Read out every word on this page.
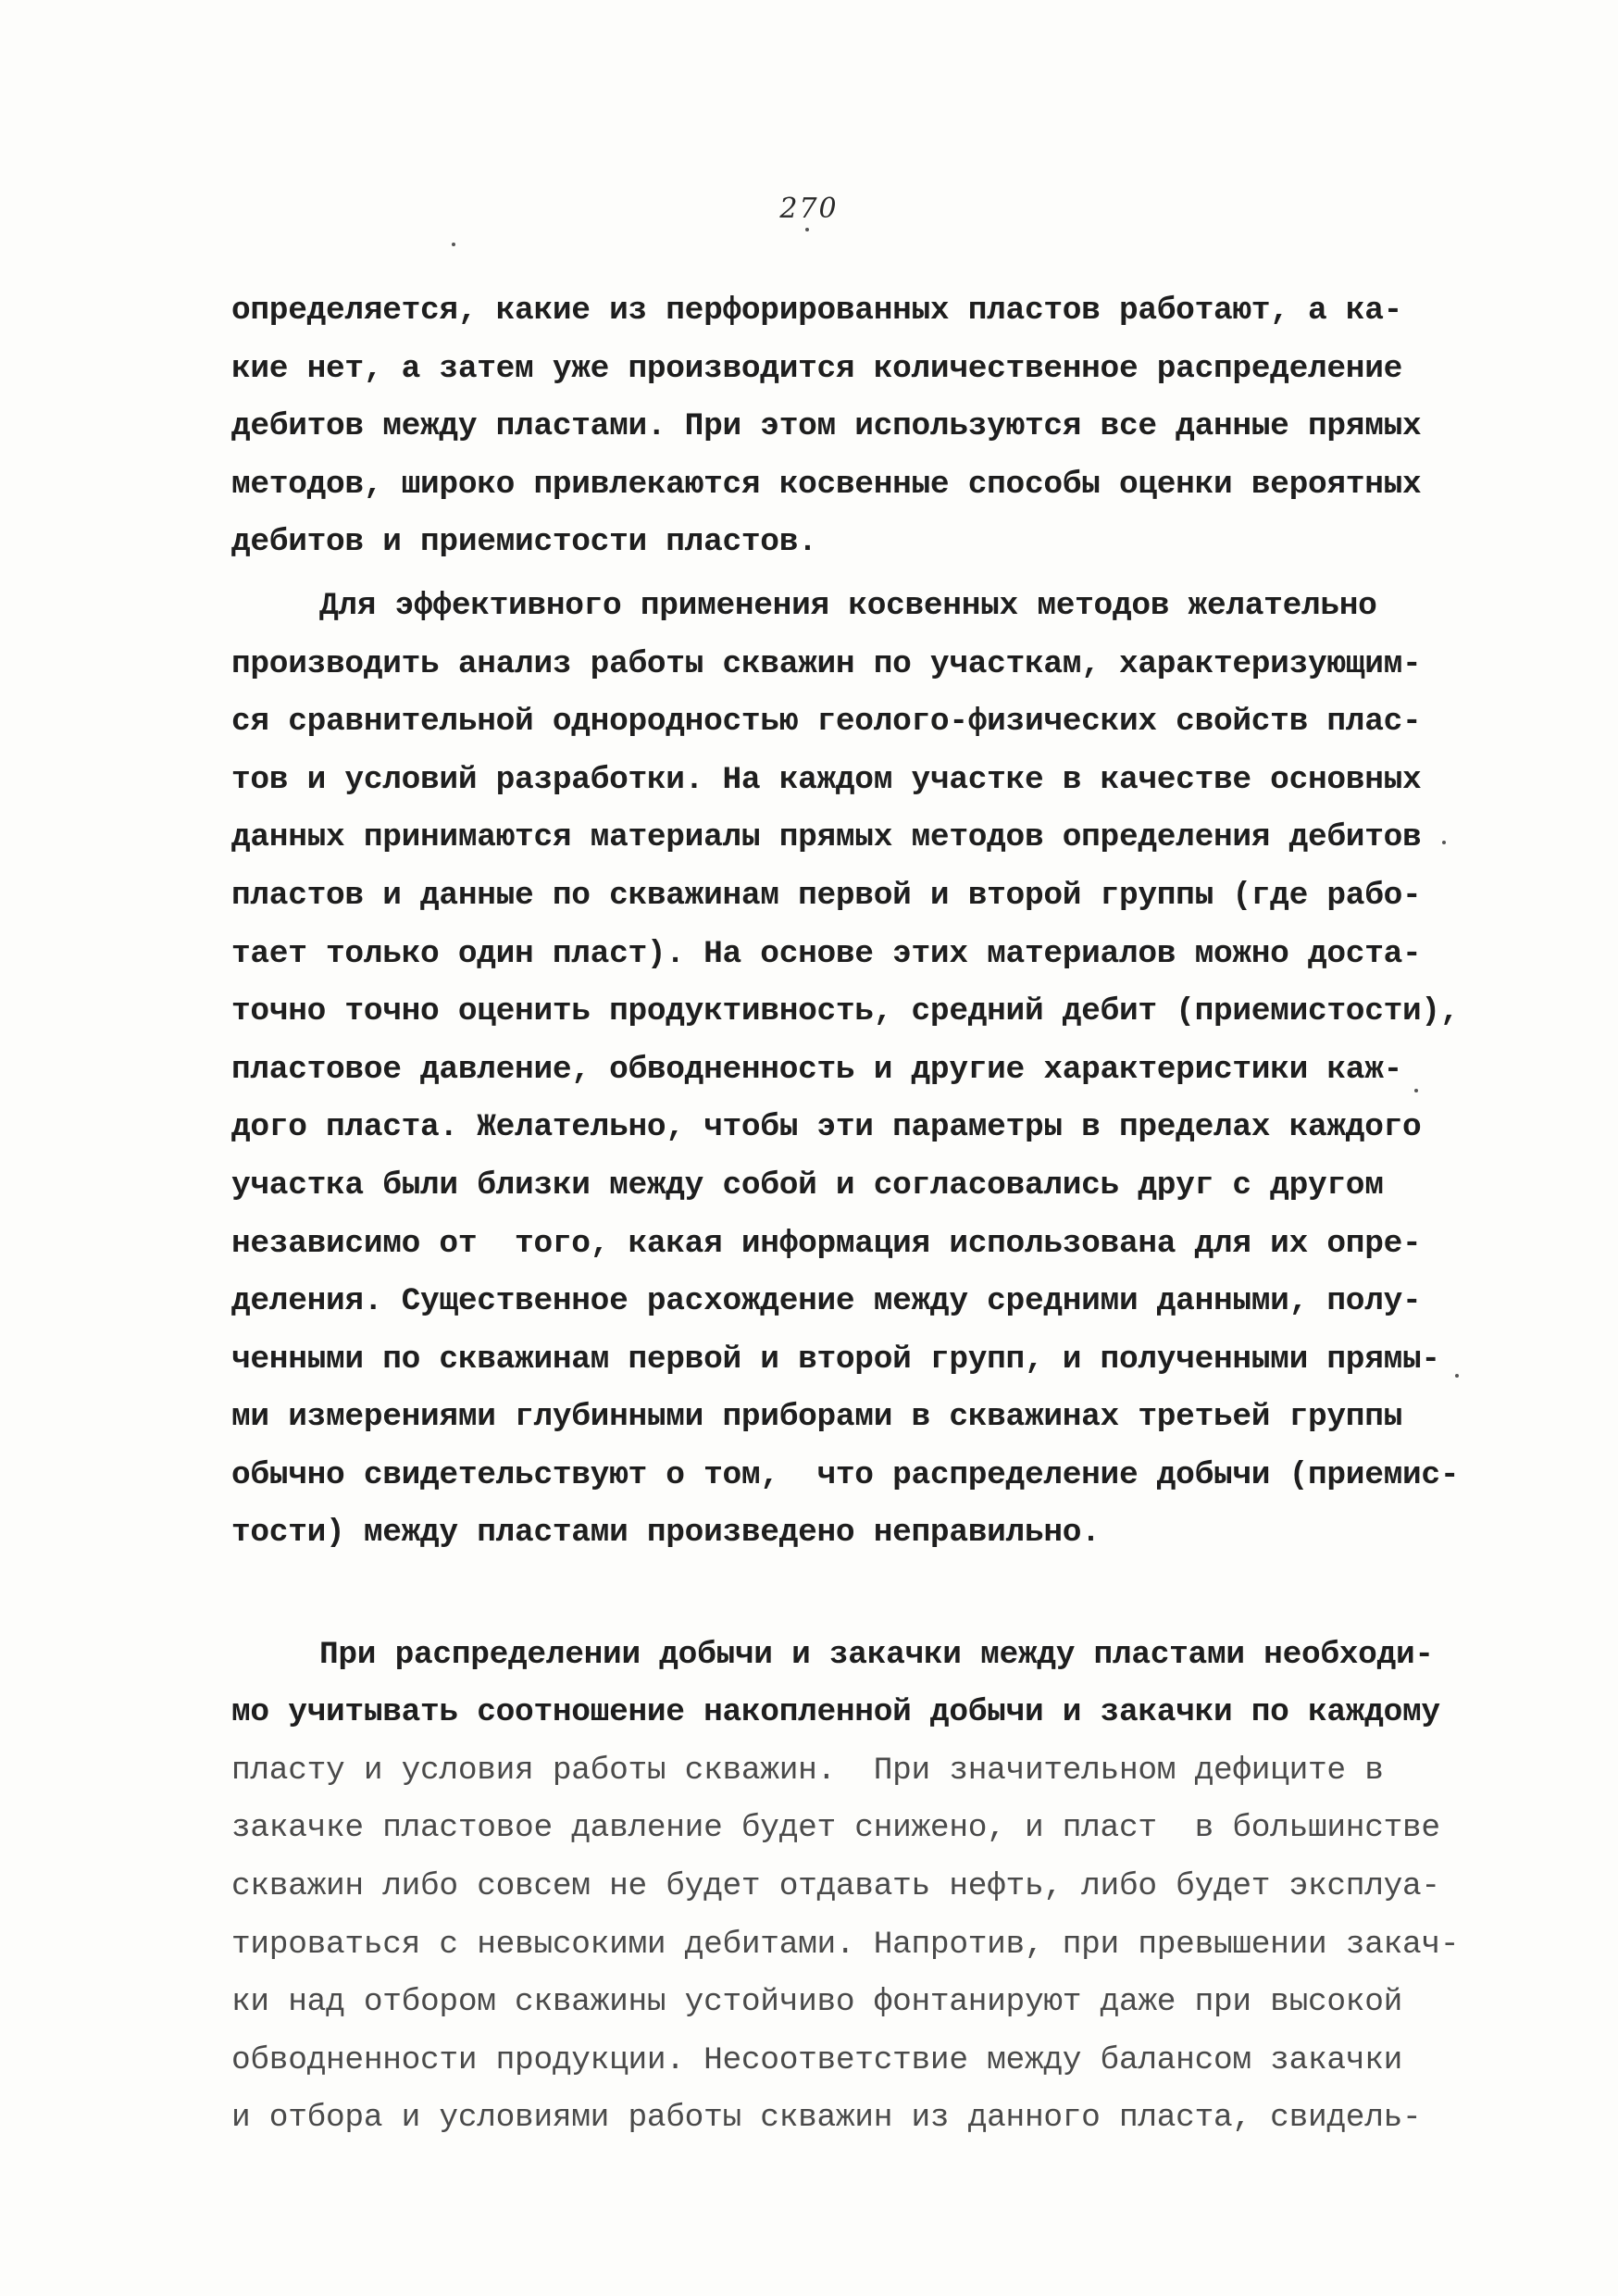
270
определяется, какие из перфорированных пластов работают, а ка-
кие нет, а затем уже производится количественное распределение
дебитов между пластами. При этом используются все данные прямых
методов, широко привлекаются косвенные способы оценки вероятных
дебитов и приемистости пластов.
Для эффективного применения косвенных методов желательно
производить анализ работы скважин по участкам, характеризующим-
ся сравнительной однородностью геолого-физических свойств плас-
тов и условий разработки. На каждом участке в качестве основных
данных принимаются материалы прямых методов определения дебитов
пластов и данные по скважинам первой и второй группы (где рабо-
тает только один пласт). На основе этих материалов можно доста-
точно точно оценить продуктивность, средний дебит (приемистости),
пластовое давление, обводненность и другие характеристики каж-
дого пласта. Желательно, чтобы эти параметры в пределах каждого
участка были близки между собой и согласовались друг с другом
независимо от  того, какая информация использована для их опре-
деления. Существенное расхождение между средними данными, полу-
ченными по скважинам первой и второй групп, и полученными прямы-
ми измерениями глубинными приборами в скважинах третьей группы
обычно свидетельствуют о том,  что распределение добычи (приемис-
тости) между пластами произведено неправильно.
При распределении добычи и закачки между пластами необходи-
мо учитывать соотношение накопленной добычи и закачки по каждому
пласту и условия работы скважин.  При значительном дефиците в
закачке пластовое давление будет снижено, и пласт  в большинстве
скважин либо совсем не будет отдавать нефть, либо будет эксплуа-
тироваться с невысокими дебитами. Напротив, при превышении закач-
ки над отбором скважины устойчиво фонтанируют даже при высокой
обводненности продукции. Несоответствие между балансом закачки
и отбора и условиями работы скважин из данного пласта, свидель-
